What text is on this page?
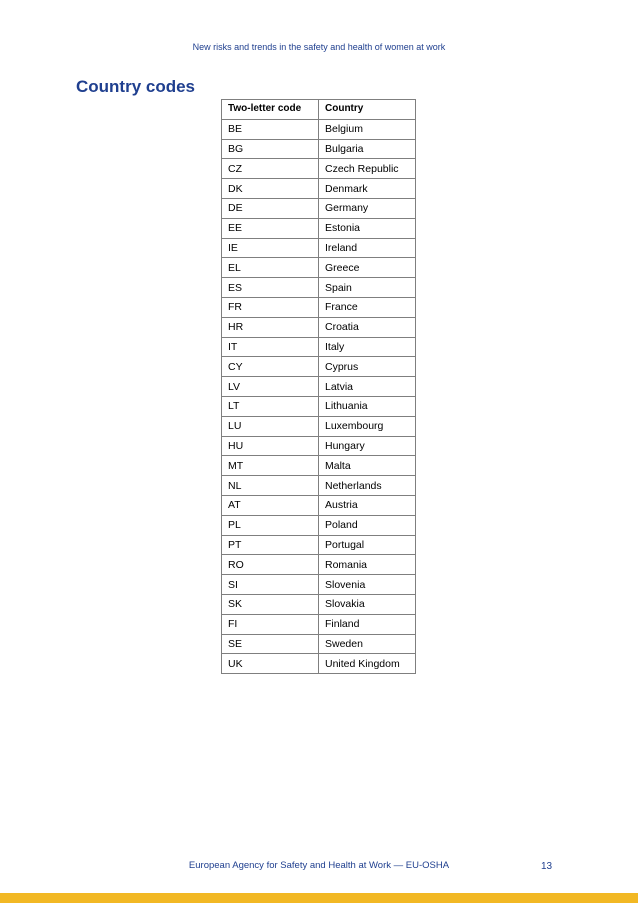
New risks and trends in the safety and health of women at work
Country codes
Two-letter code	Country
BE	Belgium
BG	Bulgaria
CZ	Czech Republic
DK	Denmark
DE	Germany
EE	Estonia
IE	Ireland
EL	Greece
ES	Spain
FR	France
HR	Croatia
IT	Italy
CY	Cyprus
LV	Latvia
LT	Lithuania
LU	Luxembourg
HU	Hungary
MT	Malta
NL	Netherlands
AT	Austria
PL	Poland
PT	Portugal
RO	Romania
SI	Slovenia
SK	Slovakia
FI	Finland
SE	Sweden
UK	United Kingdom
European Agency for Safety and Health at Work — EU-OSHA	13
